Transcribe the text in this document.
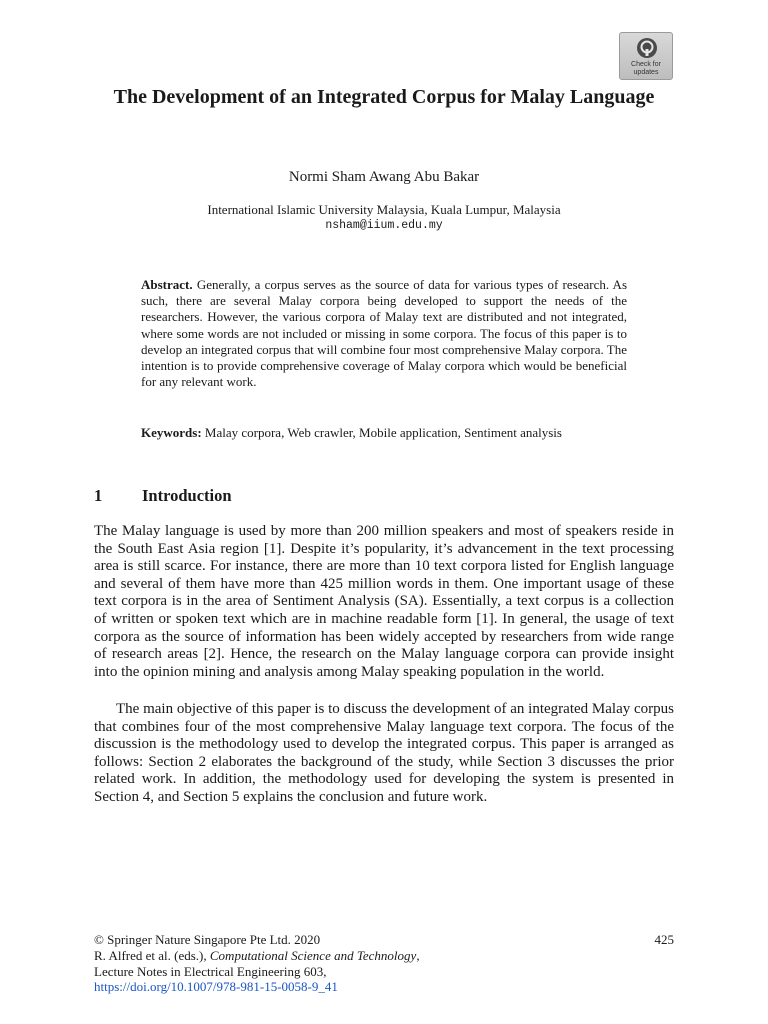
Check for
updates
The Development of an Integrated Corpus for Malay Language
Normi Sham Awang Abu Bakar
International Islamic University Malaysia, Kuala Lumpur, Malaysia
nsham@iium.edu.my

Abstract. Generally, a corpus serves as the source of data for various types of research. As such, there are several Malay corpora being developed to support the needs of the researchers. However, the various corpora of Malay text are distributed and not integrated, where some words are not included or missing in some corpora. The focus of this paper is to develop an integrated corpus that will combine four most comprehensive Malay corpora. The intention is to provide comprehensive coverage of Malay corpora which would be beneficial for any relevant work.

Keywords: Malay corpora, Web crawler, Mobile application, Sentiment analysis

1 Introduction

The Malay language is used by more than 200 million speakers and most of speakers reside in the South East Asia region [1]. Despite it’s popularity, it’s advancement in the text processing area is still scarce. For instance, there are more than 10 text corpora listed for English language and several of them have more than 425 million words in them. One important usage of these text corpora is in the area of Sentiment Analysis (SA). Essentially, a text corpus is a collection of written or spoken text which are in machine readable form [1]. In general, the usage of text corpora as the source of information has been widely accepted by researchers from wide range of research areas [2]. Hence, the research on the Malay language corpora can provide insight into the opinion mining and analysis among Malay speaking population in the world.

The main objective of this paper is to discuss the development of an integrated Malay corpus that combines four of the most comprehensive Malay language text corpora. The focus of the discussion is the methodology used to develop the integrated corpus. This paper is arranged as follows: Section 2 elaborates the background of the study, while Section 3 discusses the prior related work. In addition, the methodology used for developing the system is presented in Section 4, and Section 5 explains the conclusion and future work.

© Springer Nature Singapore Pte Ltd. 2020
R. Alfred et al. (eds.), Computational Science and Technology,
Lecture Notes in Electrical Engineering 603,
https://doi.org/10.1007/978-981-15-0058-9_41
425
